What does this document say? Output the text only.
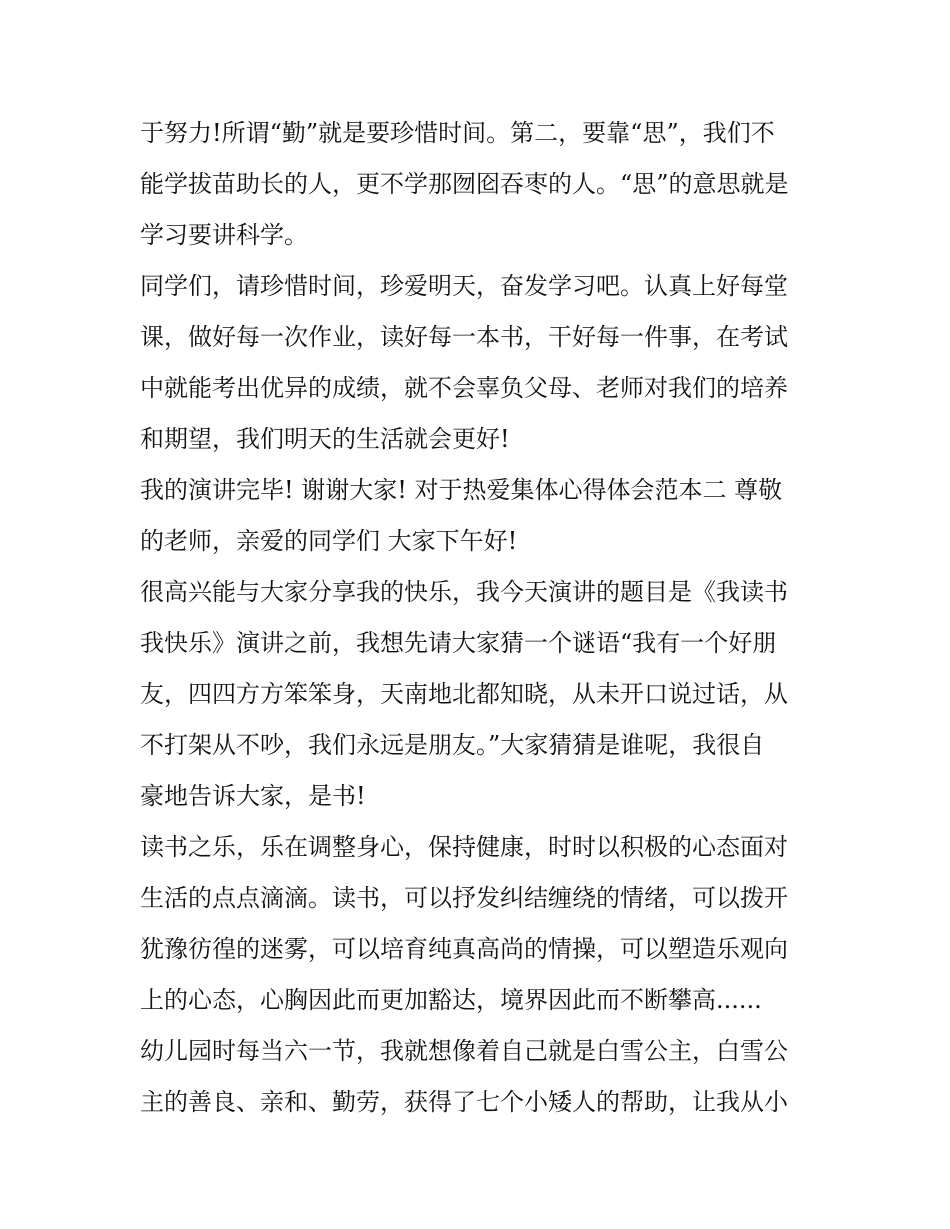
于努力!所谓“勤”就是要珍惜时间。第二，要靠“思”，我们不
能学拔苗助长的人，更不学那囫囵吞枣的人。“思”的意思就是
学习要讲科学。
同学们，请珍惜时间，珍爱明天，奋发学习吧。认真上好每堂
课，做好每一次作业，读好每一本书，干好每一件事，在考试
中就能考出优异的成绩，就不会辜负父母、老师对我们的培养
和期望，我们明天的生活就会更好!
我的演讲完毕! 谢谢大家! 对于热爱集体心得体会范本二 尊敬
的老师，亲爱的同学们 大家下午好!
很高兴能与大家分享我的快乐，我今天演讲的题目是《我读书
我快乐》演讲之前，我想先请大家猜一个谜语“我有一个好朋
友，四四方方笨笨身，天南地北都知晓，从未开口说过话，从
不打架从不吵，我们永远是朋友。”大家猜猜是谁呢，我很自
豪地告诉大家，是书!
读书之乐，乐在调整身心，保持健康，时时以积极的心态面对
生活的点点滴滴。读书，可以抒发纠结缠绕的情绪，可以拨开
犹豫彷徨的迷雾，可以培育纯真高尚的情操，可以塑造乐观向
上的心态，心胸因此而更加豁达，境界因此而不断攀高......
幼儿园时每当六一节，我就想像着自己就是白雪公主，白雪公
主的善良、亲和、勤劳，获得了七个小矮人的帮助，让我从小
